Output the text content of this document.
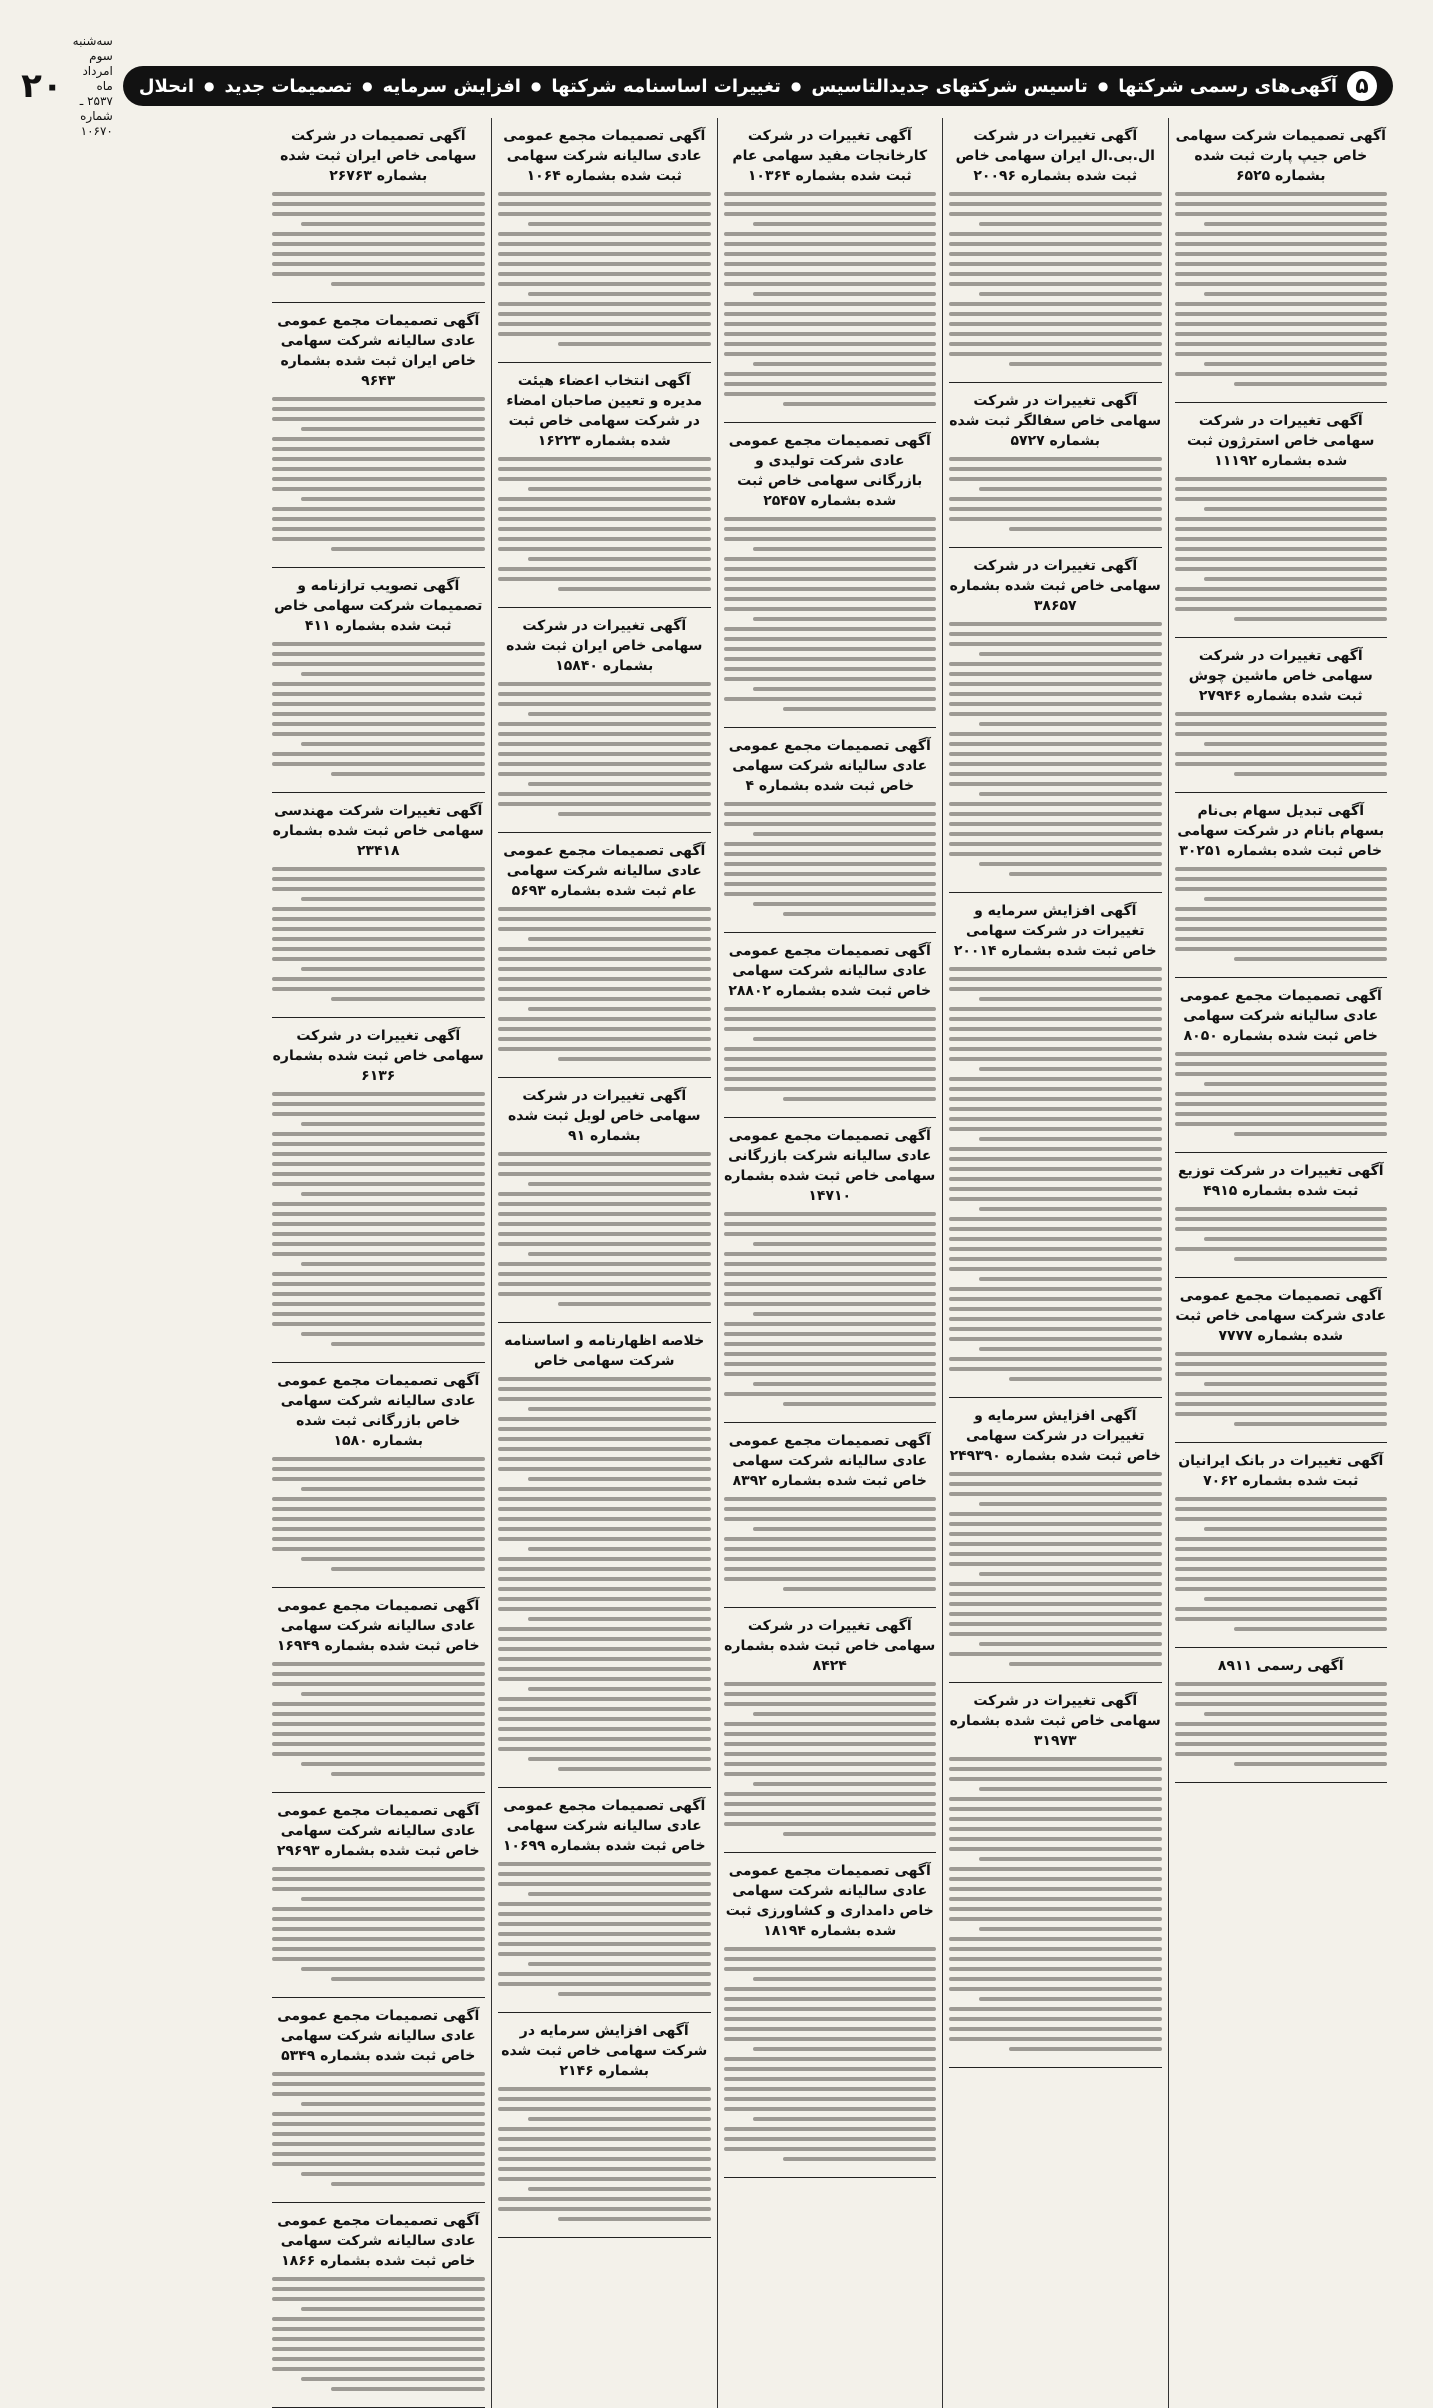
۵
آگهی‌های رسمی شرکتها
●
تاسیس شرکتهای جدیدالتاسیس
●
تغییرات اساسنامه شرکتها
●
افزایش سرمایه
●
تصمیمات جدید
●
انحلال
سه‌شنبه سوم امرداد ماه
۲۵۳۷ ـ شماره ۱۰۶۷۰
۲۰
آگهی تصمیمات شرکت سهامی خاص جیپ پارت ثبت شده بشماره ۶۵۲۵
آگهی تغییرات در شرکت سهامی خاص استرژون ثبت شده بشماره ۱۱۱۹۲
آگهی تغییرات در شرکت سهامی خاص ماشین چوش ثبت شده بشماره ۲۷۹۴۶
آگهی تبدیل سهام بی‌نام بسهام بانام در شرکت سهامی خاص ثبت شده بشماره ۳۰۲۵۱
آگهی تصمیمات مجمع عمومی عادی سالیانه شرکت سهامی خاص ثبت شده بشماره ۸۰۵۰
آگهی تغییرات در شرکت توزیع ثبت شده بشماره ۴۹۱۵
آگهی تصمیمات مجمع عمومی عادی شرکت سهامی خاص ثبت شده بشماره ۷۷۷۷
آگهی تغییرات در بانک ایرانیان ثبت شده بشماره ۷۰۶۲
آگهی رسمی ۸۹۱۱
آگهی تغییرات در شرکت ال.بی.ال ایران سهامی خاص ثبت شده بشماره ۲۰۰۹۶
آگهی تغییرات در شرکت سهامی خاص سفالگر ثبت شده بشماره ۵۷۲۷
آگهی تغییرات در شرکت سهامی خاص ثبت شده بشماره ۳۸۶۵۷
آگهی افزایش سرمایه و تغییرات در شرکت سهامی خاص ثبت شده بشماره ۲۰۰۱۴
آگهی افزایش سرمایه و تغییرات در شرکت سهامی خاص ثبت شده بشماره ۲۴۹۳۹۰
آگهی تغییرات در شرکت سهامی خاص ثبت شده بشماره ۳۱۹۷۳
آگهی تغییرات در شرکت کارخانجات مفید سهامی عام ثبت شده بشماره ۱۰۳۶۴
آگهی تصمیمات مجمع عمومی عادی شرکت تولیدی و بازرگانی سهامی خاص ثبت شده بشماره ۲۵۴۵۷
آگهی تصمیمات مجمع عمومی عادی سالیانه شرکت سهامی خاص ثبت شده بشماره ۴
آگهی تصمیمات مجمع عمومی عادی سالیانه شرکت سهامی خاص ثبت شده بشماره ۲۸۸۰۲
آگهی تصمیمات مجمع عمومی عادی سالیانه شرکت بازرگانی سهامی خاص ثبت شده بشماره ۱۴۷۱۰
آگهی تصمیمات مجمع عمومی عادی سالیانه شرکت سهامی خاص ثبت شده بشماره ۸۳۹۲
آگهی تغییرات در شرکت سهامی خاص ثبت شده بشماره ۸۴۲۴
آگهی تصمیمات مجمع عمومی عادی سالیانه شرکت سهامی خاص دامداری و کشاورزی ثبت شده بشماره ۱۸۱۹۴
آگهی تصمیمات مجمع عمومی عادی سالیانه شرکت سهامی ثبت شده بشماره ۱۰۶۴
آگهی انتخاب اعضاء هیئت مدیره و تعیین صاحبان امضاء در شرکت سهامی خاص ثبت شده بشماره ۱۶۲۲۳
آگهی تغییرات در شرکت سهامی خاص ایران ثبت شده بشماره ۱۵۸۴۰
آگهی تصمیمات مجمع عمومی عادی سالیانه شرکت سهامی عام ثبت شده بشماره ۵۶۹۳
آگهی تغییرات در شرکت سهامی خاص لوبل ثبت شده بشماره ۹۱
خلاصه اظهارنامه و اساسنامه شرکت سهامی خاص
آگهی تصمیمات مجمع عمومی عادی سالیانه شرکت سهامی خاص ثبت شده بشماره ۱۰۶۹۹
آگهی افزایش سرمایه در شرکت سهامی خاص ثبت شده بشماره ۲۱۴۶
آگهی تصمیمات در شرکت سهامی خاص ایران ثبت شده بشماره ۲۶۷۶۳
آگهی تصمیمات مجمع عمومی عادی سالیانه شرکت سهامی خاص ایران ثبت شده بشماره ۹۶۴۳
آگهی تصویب ترازنامه و تصمیمات شرکت سهامی خاص ثبت شده بشماره ۴۱۱
آگهی تغییرات شرکت مهندسی سهامی خاص ثبت شده بشماره ۲۳۴۱۸
آگهی تغییرات در شرکت سهامی خاص ثبت شده بشماره ۶۱۳۶
آگهی تصمیمات مجمع عمومی عادی سالیانه شرکت سهامی خاص بازرگانی ثبت شده بشماره ۱۵۸۰
آگهی تصمیمات مجمع عمومی عادی سالیانه شرکت سهامی خاص ثبت شده بشماره ۱۶۹۴۹
آگهی تصمیمات مجمع عمومی عادی سالیانه شرکت سهامی خاص ثبت شده بشماره ۲۹۶۹۳
آگهی تصمیمات مجمع عمومی عادی سالیانه شرکت سهامی خاص ثبت شده بشماره ۵۳۴۹
آگهی تصمیمات مجمع عمومی عادی سالیانه شرکت سهامی خاص ثبت شده بشماره ۱۸۶۶
